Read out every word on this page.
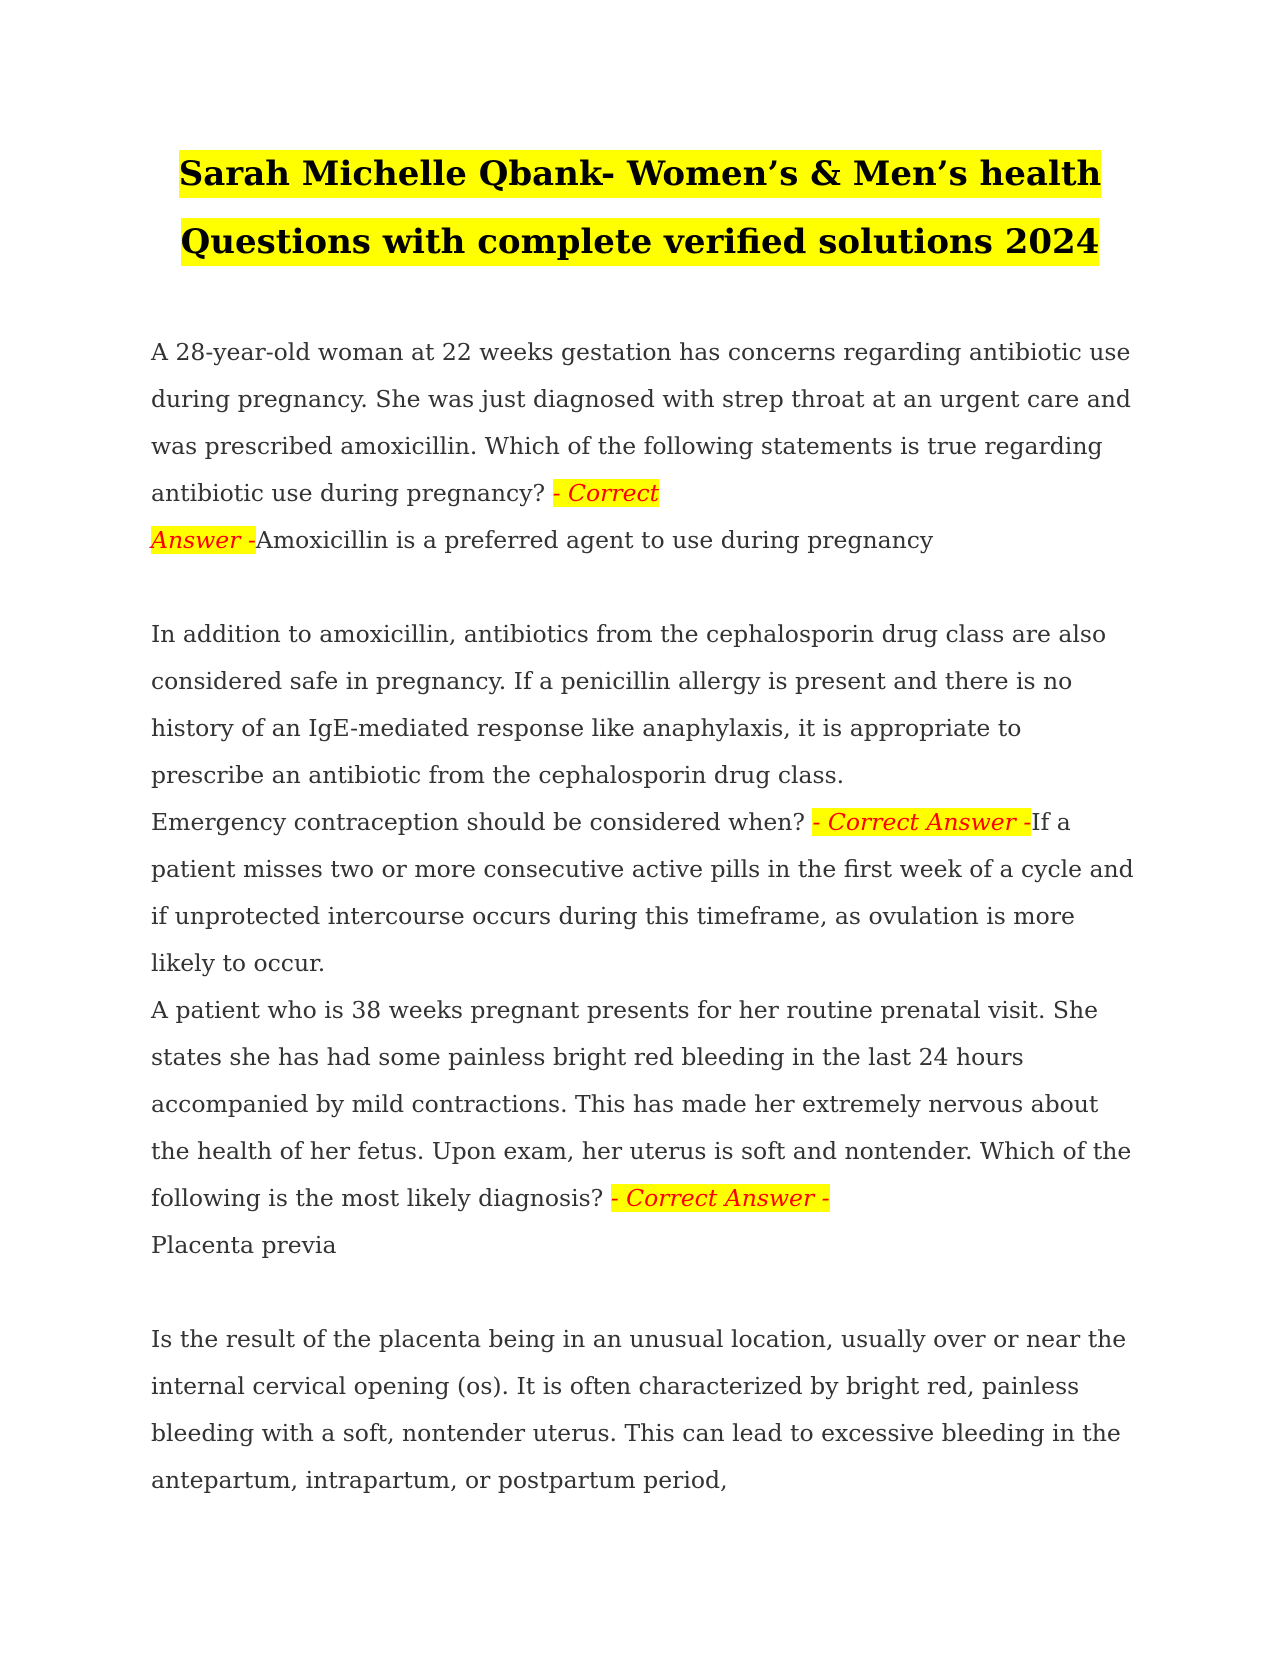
Sarah Michelle Qbank- Women’s & Men’s health
Questions with complete verified solutions 2024

A 28-year-old woman at 22 weeks gestation has concerns regarding antibiotic use during pregnancy. She was just diagnosed with strep throat at an urgent care and was prescribed amoxicillin. Which of the following statements is true regarding antibiotic use during pregnancy? - Correct
Answer -Amoxicillin is a preferred agent to use during pregnancy

In addition to amoxicillin, antibiotics from the cephalosporin drug class are also considered safe in pregnancy. If a penicillin allergy is present and there is no history of an IgE-mediated response like anaphylaxis, it is appropriate to prescribe an antibiotic from the cephalosporin drug class.

Emergency contraception should be considered when? - Correct Answer -If a patient misses two or more consecutive active pills in the first week of a cycle and if unprotected intercourse occurs during this timeframe, as ovulation is more likely to occur.

A patient who is 38 weeks pregnant presents for her routine prenatal visit. She states she has had some painless bright red bleeding in the last 24 hours accompanied by mild contractions. This has made her extremely nervous about the health of her fetus. Upon exam, her uterus is soft and nontender. Which of the following is the most likely diagnosis? - Correct Answer -
Placenta previa

Is the result of the placenta being in an unusual location, usually over or near the internal cervical opening (os). It is often characterized by bright red, painless bleeding with a soft, nontender uterus. This can lead to excessive bleeding in the antepartum, intrapartum, or postpartum period,
